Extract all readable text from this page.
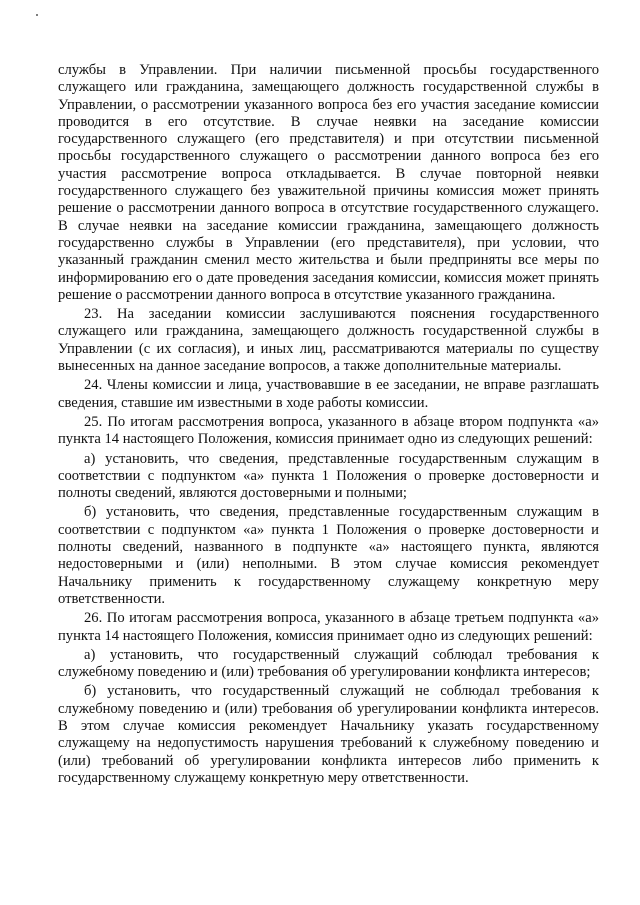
службы в Управлении. При наличии письменной просьбы государственного служащего или гражданина, замещающего должность государственной службы в Управлении, о рассмотрении указанного вопроса без его участия заседание комиссии проводится в его отсутствие. В случае неявки на заседание комиссии государственного служащего (его представителя) и при отсутствии письменной просьбы государственного служащего о рассмотрении данного вопроса без его участия рассмотрение вопроса откладывается. В случае повторной неявки государственного служащего без уважительной причины комиссия может принять решение о рассмотрении данного вопроса в отсутствие государственного служащего. В случае неявки на заседание комиссии гражданина, замещающего должность государственно службы в Управлении (его представителя), при условии, что указанный гражданин сменил место жительства и были предприняты все меры по информированию его о дате проведения заседания комиссии, комиссия может принять решение о рассмотрении данного вопроса в отсутствие указанного гражданина.

23. На заседании комиссии заслушиваются пояснения государственного служащего или гражданина, замещающего должность государственной службы в Управлении (с их согласия), и иных лиц, рассматриваются материалы по существу вынесенных на данное заседание вопросов, а также дополнительные материалы.

24. Члены комиссии и лица, участвовавшие в ее заседании, не вправе разглашать сведения, ставшие им известными в ходе работы комиссии.

25. По итогам рассмотрения вопроса, указанного в абзаце втором подпункта «а» пункта 14 настоящего Положения, комиссия принимает одно из следующих решений:

а) установить, что сведения, представленные государственным служащим в соответствии с подпунктом «а» пункта 1 Положения о проверке достоверности и полноты сведений, являются достоверными и полными;

б) установить, что сведения, представленные государственным служащим в соответствии с подпунктом «а» пункта 1 Положения о проверке достоверности и полноты сведений, названного в подпункте «а» настоящего пункта, являются недостоверными и (или) неполными. В этом случае комиссия рекомендует Начальнику применить к государственному служащему конкретную меру ответственности.

26. По итогам рассмотрения вопроса, указанного в абзаце третьем подпункта «а» пункта 14 настоящего Положения, комиссия принимает одно из следующих решений:

а) установить, что государственный служащий соблюдал требования к служебному поведению и (или) требования об урегулировании конфликта интересов;

б) установить, что государственный служащий не соблюдал требования к служебному поведению и (или) требования об урегулировании конфликта интересов. В этом случае комиссия рекомендует Начальнику указать государственному служащему на недопустимость нарушения требований к служебному поведению и (или) требований об урегулировании конфликта интересов либо применить к государственному служащему конкретную меру ответственности.
